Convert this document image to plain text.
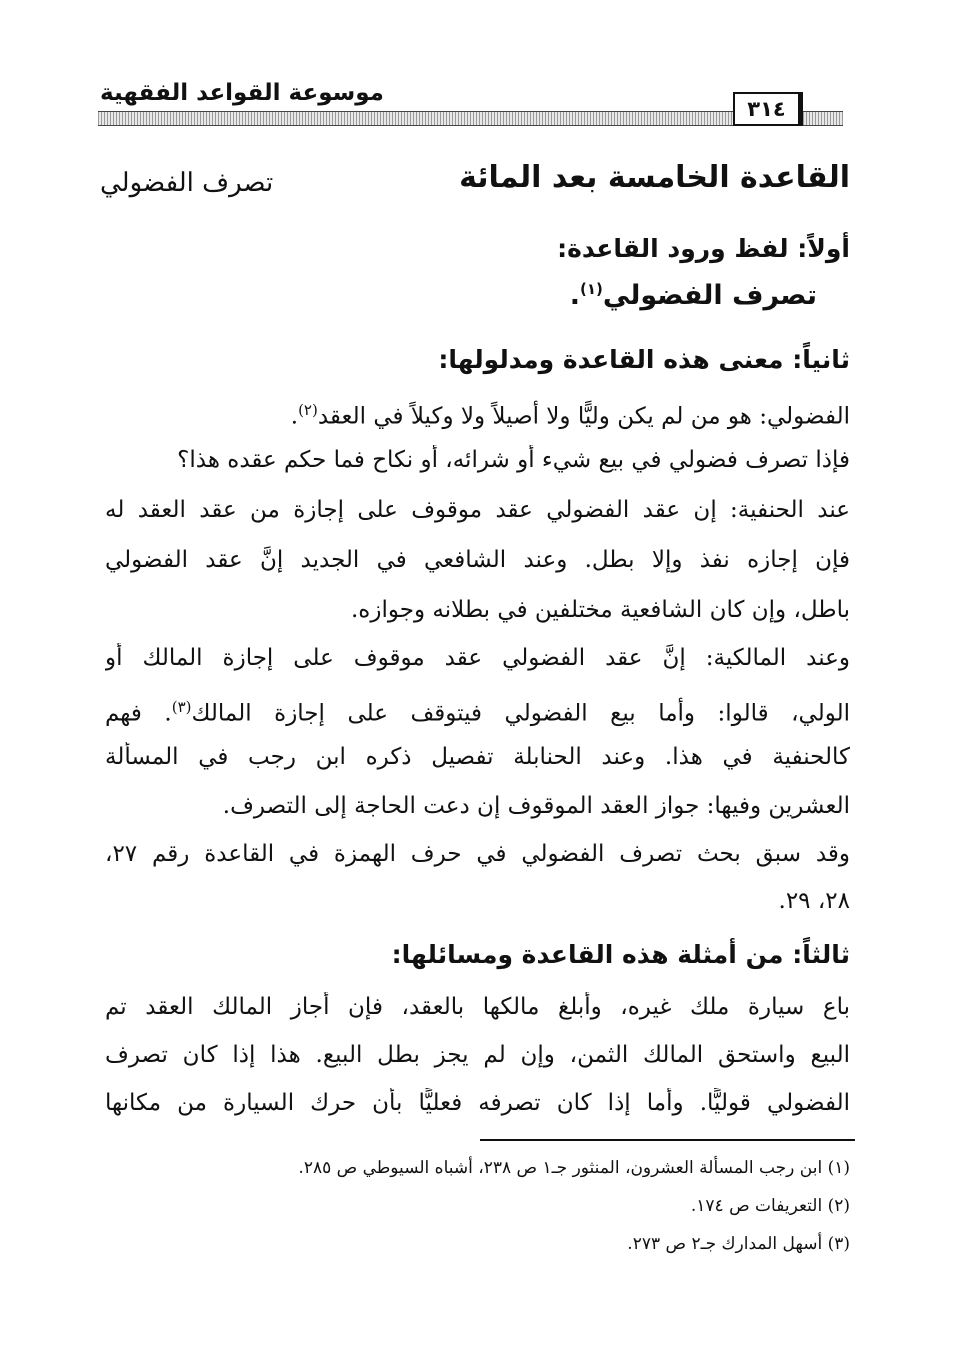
موسوعة القواعد الفقهية
٣١٤
القاعدة الخامسة بعد المائة
تصرف الفضولي
أولاً: لفظ ورود القاعدة:
تصرف الفضولي$^{(١)}$.
ثانياً: معنى هذه القاعدة ومدلولها:
الفضولي: هو من لم يكن وليًّا ولا أصيلاً ولا وكيلاً في العقد$^{(٢)}$.
فإذا تصرف فضولي في بيع شيء أو شرائه، أو نكاح فما حكم عقده هذا؟
عند الحنفية: إن عقد الفضولي عقد موقوف على إجازة من عقد العقد له
فإن إجازه نفذ وإلا بطل. وعند الشافعي في الجديد إنَّ عقد الفضولي
باطل، وإن كان الشافعية مختلفين في بطلانه وجوازه.
وعند المالكية: إنَّ عقد الفضولي عقد موقوف على إجازة المالك أو
الولي، قالوا: وأما بيع الفضولي فيتوقف على إجازة المالك$^{(٣)}$. فهم
كالحنفية في هذا. وعند الحنابلة تفصيل ذكره ابن رجب في المسألة
العشرين وفيها: جواز العقد الموقوف إن دعت الحاجة إلى التصرف.
وقد سبق بحث تصرف الفضولي في حرف الهمزة في القاعدة رقم ٢٧،
٢٨، ٢٩.
ثالثاً: من أمثلة هذه القاعدة ومسائلها:
باع سيارة ملك غيره، وأبلغ مالكها بالعقد، فإن أجاز المالك العقد تم
البيع واستحق المالك الثمن، وإن لم يجز بطل البيع. هذا إذا كان تصرف
الفضولي قوليًّا. وأما إذا كان تصرفه فعليًّا بأن حرك السيارة من مكانها
(١) ابن رجب المسألة العشرون، المنثور جـ١ ص ٢٣٨، أشباه السيوطي ص ٢٨٥.
(٢) التعريفات ص ١٧٤.
(٣) أسهل المدارك جـ٢ ص ٢٧٣.
